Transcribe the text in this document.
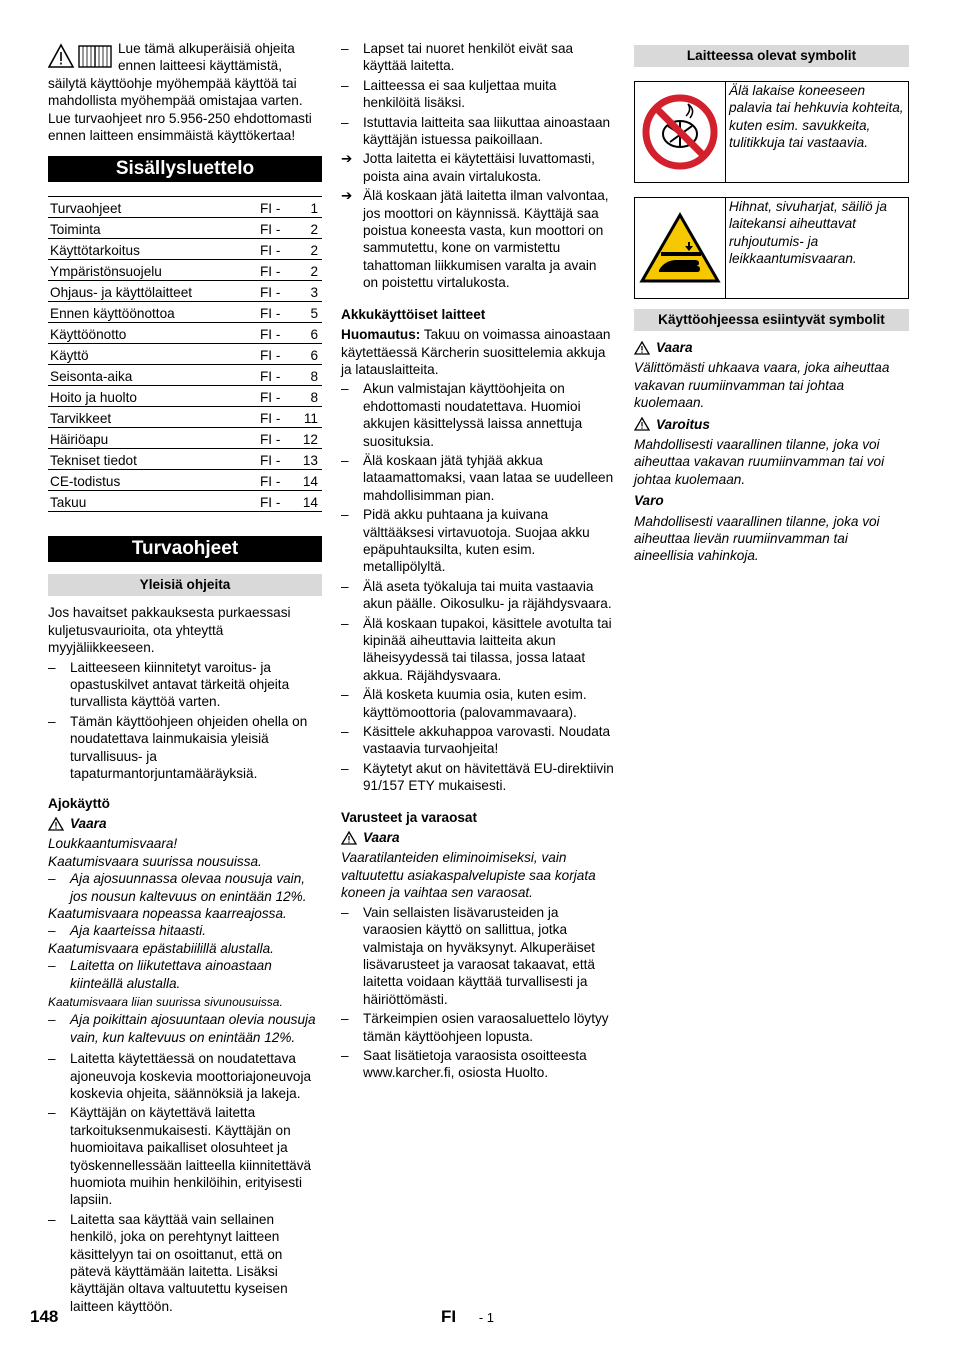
Lue tämä alkuperäisiä ohjeita ennen laitteesi käyttämistä, säilytä käyttöohje myöhempää käyttöä tai mahdollista myöhempää omistajaa varten. Lue turvaohjeet nro 5.956-250 ehdottomasti ennen laitteen ensimmäistä käyttökertaa!

Sisällysluettelo
Turvaohjeet	FI -	1
Toiminta	FI -	2
Käyttötarkoitus	FI -	2
Ympäristönsuojelu	FI -	2
Ohjaus- ja käyttölaitteet	FI -	3
Ennen käyttöönottoa	FI -	5
Käyttöönotto	FI -	6
Käyttö	FI -	6
Seisonta-aika	FI -	8
Hoito ja huolto	FI -	8
Tarvikkeet	FI -	11
Häiriöapu	FI -	12
Tekniset tiedot	FI -	13
CE-todistus	FI -	14
Takuu	FI -	14
Turvaohjeet
Yleisiä ohjeita

Jos havaitset pakkauksesta purkaessasi kuljetusvaurioita, ota yhteyttä myyjäliikkeeseen.

– Laitteeseen kiinnitetyt varoitus- ja opastuskilvet antavat tärkeitä ohjeita turvallista käyttöä varten.
– Tämän käyttöohjeen ohjeiden ohella on noudatettava lainmukaisia yleisiä turvallisuus- ja tapaturmantorjuntamääräyksiä.
Ajokäyttö
Vaara

Loukkaantumisvaara!

Kaatumisvaara suurissa nousuissa.

– Aja ajosuunnassa olevaa nousuja vain, jos nousun kaltevuus on enintään 12%.

Kaatumisvaara nopeassa kaarreajossa.

– Aja kaarteissa hitaasti.

Kaatumisvaara epästabiilillä alustalla.

– Laitetta on liikutettava ainoastaan kiinteällä alustalla.

Kaatumisvaara liian suurissa sivunousuissa.

– Aja poikittain ajosuuntaan olevia nousuja vain, kun kaltevuus on enintään 12%.
– Laitetta käytettäessä on noudatettava ajoneuvoja koskevia moottoriajoneuvoja koskevia ohjeita, säännöksiä ja lakeja.
– Käyttäjän on käytettävä laitetta tarkoituksenmukaisesti. Käyttäjän on huomioitava paikalliset olosuhteet ja työskennellessään laitteella kiinnitettävä huomiota muihin henkilöihin, erityisesti lapsiin.
– Laitetta saa käyttää vain sellainen henkilö, joka on perehtynyt laitteen käsittelyyn tai on osoittanut, että on pätevä käyttämään laitetta. Lisäksi käyttäjän oltava valtuutettu kyseisen laitteen käyttöön.
– Lapset tai nuoret henkilöt eivät saa käyttää laitetta.
– Laitteessa ei saa kuljettaa muita henkilöitä lisäksi.
– Istuttavia laitteita saa liikuttaa ainoastaan käyttäjän istuessa paikoillaan.
➔ Jotta laitetta ei käytettäisi luvattomasti, poista aina avain virtalukosta.
➔ Älä koskaan jätä laitetta ilman valvontaa, jos moottori on käynnissä. Käyttäjä saa poistua koneesta vasta, kun moottori on sammutettu, kone on varmistettu tahattoman liikkumisen varalta ja avain on poistettu virtalukosta.
Akkukäyttöiset laitteet

Huomautus: Takuu on voimassa ainoastaan käytettäessä Kärcherin suosittelemia akkuja ja latauslaitteita.

– Akun valmistajan käyttöohjeita on ehdottomasti noudatettava. Huomioi akkujen käsittelyssä laissa annettuja suosituksia.
– Älä koskaan jätä tyhjää akkua lataamattomaksi, vaan lataa se uudelleen mahdollisimman pian.
– Pidä akku puhtaana ja kuivana välttääksesi virtavuotoja. Suojaa akku epäpuhtauksilta, kuten esim. metallipölyltä.
– Älä aseta työkaluja tai muita vastaavia akun päälle. Oikosulku- ja räjähdysvaara.
– Älä koskaan tupakoi, käsittele avotulta tai kipinää aiheuttavia laitteita akun läheisyydessä tai tilassa, jossa lataat akkua. Räjähdysvaara.
– Älä kosketa kuumia osia, kuten esim. käyttömoottoria (palovammavaara).
– Käsittele akkuhappoa varovasti. Noudata vastaavia turvaohjeita!
– Käytetyt akut on hävitettävä EU-direktiivin 91/157 ETY mukaisesti.
Varusteet ja varaosat
Vaara

Vaaratilanteiden eliminoimiseksi, vain valtuutettu asiakaspalvelupiste saa korjata koneen ja vaihtaa sen varaosat.

– Vain sellaisten lisävarusteiden ja varaosien käyttö on sallittua, jotka valmistaja on hyväksynyt. Alkuperäiset lisävarusteet ja varaosat takaavat, että laitetta voidaan käyttää turvallisesti ja häiriöttömästi.
– Tärkeimpien osien varaosaluettelo löytyy tämän käyttöohjeen lopusta.
– Saat lisätietoja varaosista osoitteesta www.karcher.fi, osiosta Huolto.
Laitteessa olevat symbolit
Älä lakaise koneeseen palavia tai hehkuvia kohteita, kuten esim. savukkeita, tulitikkuja tai vastaavia.
Hihnat, sivuharjat, säiliö ja laitekansi aiheuttavat ruhjoutumis- ja leikkaantumisvaaran.
Käyttöohjeessa esiintyvät symbolit
Vaara

Välittömästi uhkaava vaara, joka aiheuttaa vakavan ruumiinvamman tai johtaa kuolemaan.

Varoitus

Mahdollisesti vaarallinen tilanne, joka voi aiheuttaa vakavan ruumiinvamman tai voi johtaa kuolemaan.

Varo

Mahdollisesti vaarallinen tilanne, joka voi aiheuttaa lievän ruumiinvamman tai aineellisia vahinkoja.

148	FI - 1
